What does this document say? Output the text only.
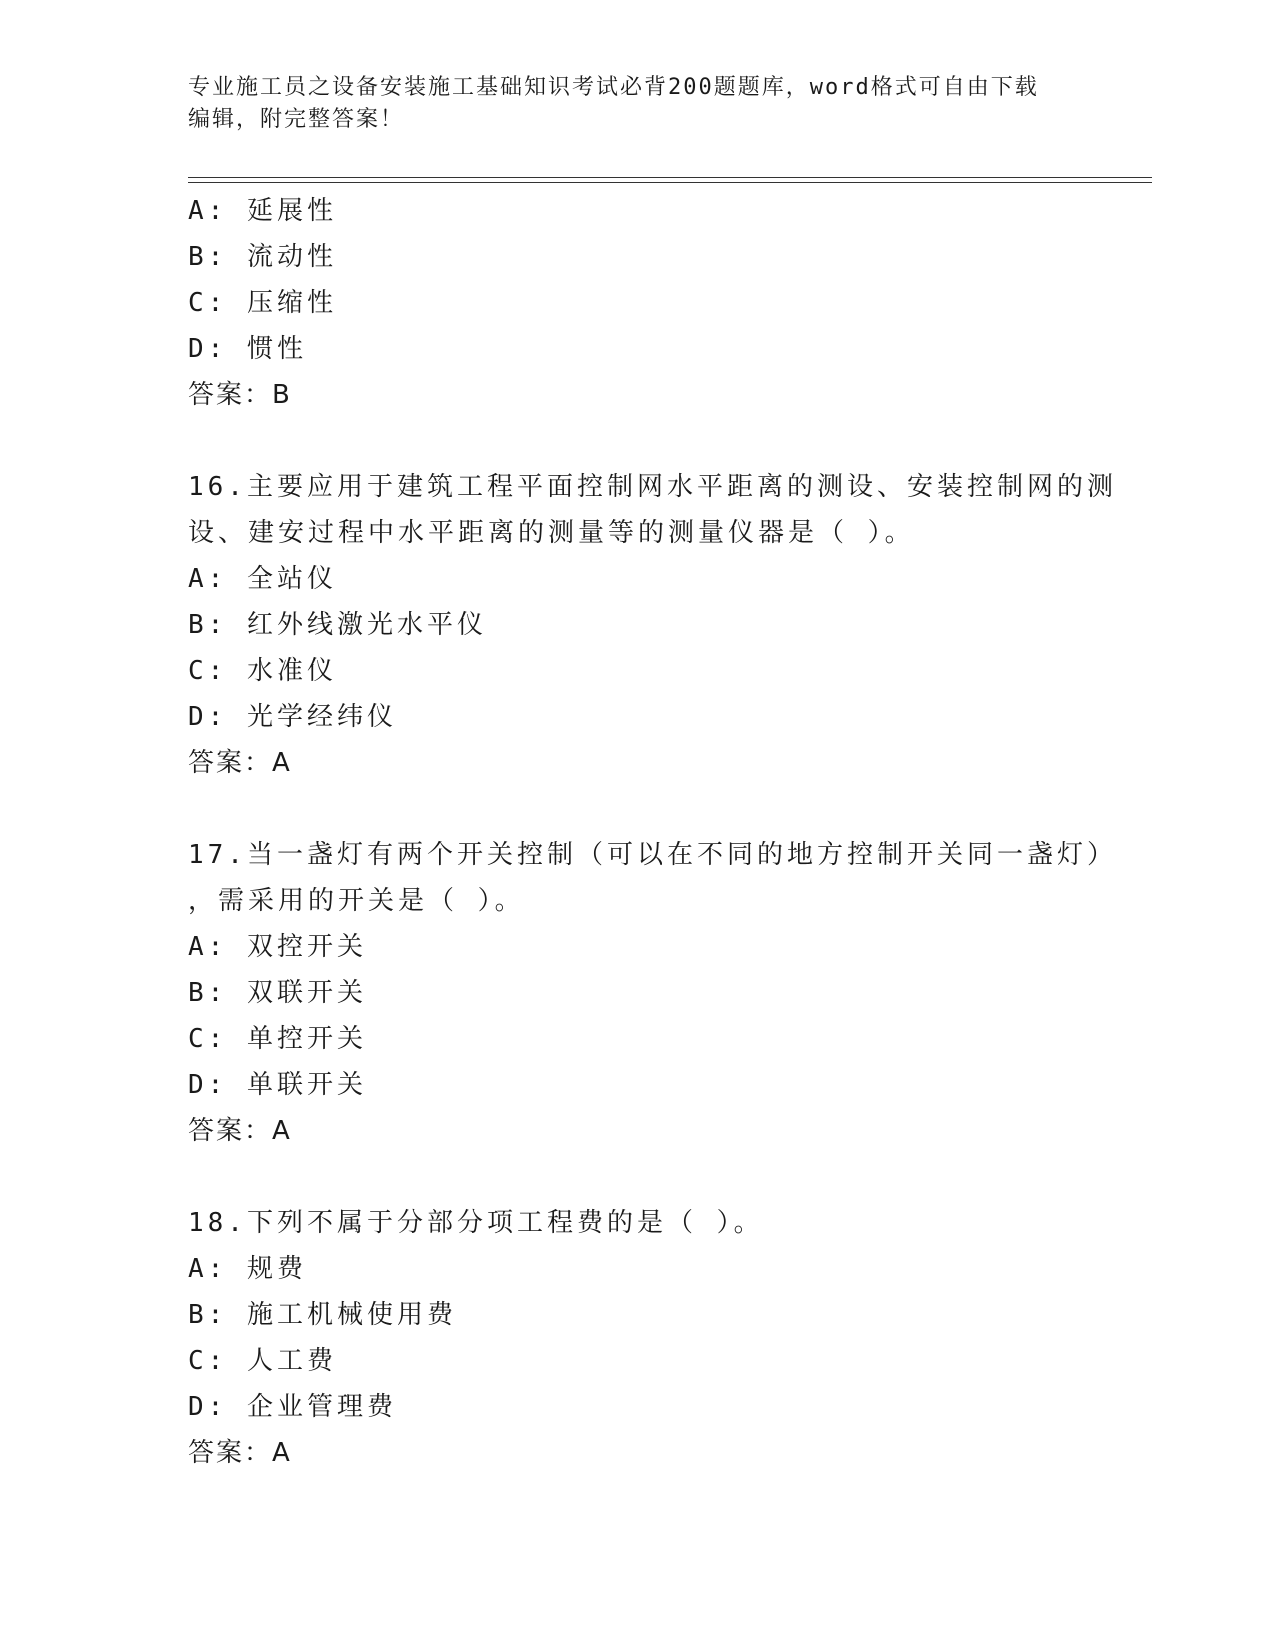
专业施工员之设备安装施工基础知识考试必背200题题库，word格式可自由下载
编辑，附完整答案！
A: 延展性
B: 流动性
C: 压缩性
D: 惯性
答案：B
16.主要应用于建筑工程平面控制网水平距离的测设、安装控制网的测
设、建安过程中水平距离的测量等的测量仪器是（ ）。
A: 全站仪
B: 红外线激光水平仪
C: 水准仪
D: 光学经纬仪
答案：A
17.当一盏灯有两个开关控制（可以在不同的地方控制开关同一盏灯）
，需采用的开关是（ ）。
A: 双控开关
B: 双联开关
C: 单控开关
D: 单联开关
答案：A
18.下列不属于分部分项工程费的是（ ）。
A: 规费
B: 施工机械使用费
C: 人工费
D: 企业管理费
答案：A
